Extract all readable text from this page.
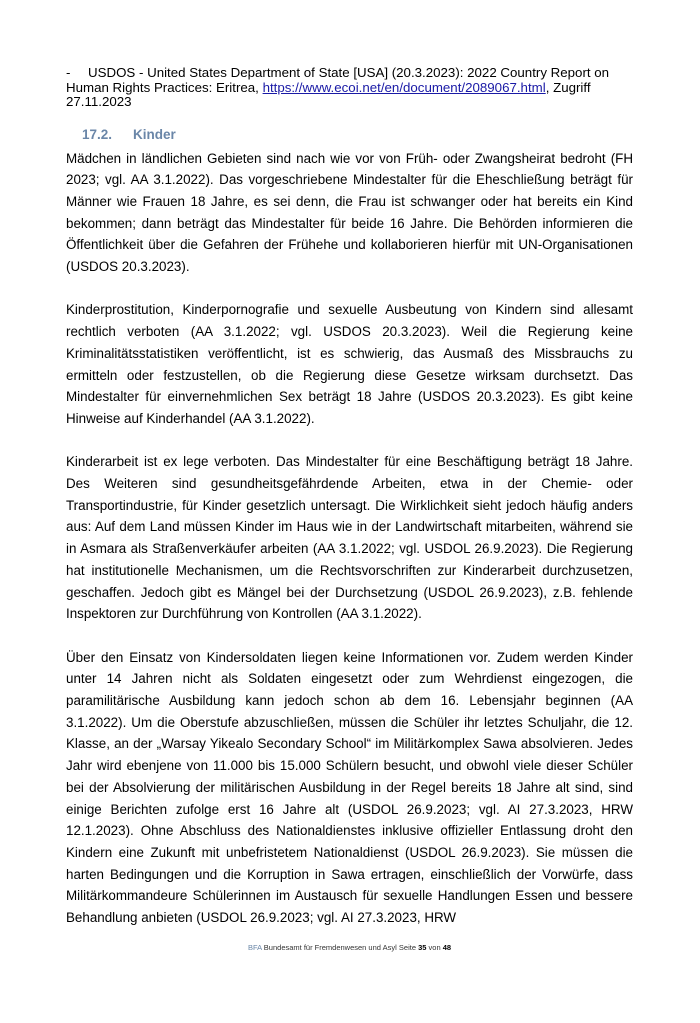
- USDOS - United States Department of State [USA] (20.3.2023): 2022 Country Report on Human Rights Practices: Eritrea, https://www.ecoi.net/en/document/2089067.html, Zugriff 27.11.2023
17.2. Kinder

Mädchen in ländlichen Gebieten sind nach wie vor von Früh- oder Zwangsheirat bedroht (FH 2023; vgl. AA 3.1.2022). Das vorgeschriebene Mindestalter für die Eheschließung beträgt für Männer wie Frauen 18 Jahre, es sei denn, die Frau ist schwanger oder hat bereits ein Kind bekommen; dann beträgt das Mindestalter für beide 16 Jahre. Die Behörden informieren die Öffentlichkeit über die Gefahren der Frühehe und kollaborieren hierfür mit UN-Organisationen (USDOS 20.3.2023).

Kinderprostitution, Kinderpornografie und sexuelle Ausbeutung von Kindern sind allesamt rechtlich verboten (AA 3.1.2022; vgl. USDOS 20.3.2023). Weil die Regierung keine Kriminalitätsstatistiken veröffentlicht, ist es schwierig, das Ausmaß des Missbrauchs zu ermitteln oder festzustellen, ob die Regierung diese Gesetze wirksam durchsetzt. Das Mindestalter für einvernehmlichen Sex beträgt 18 Jahre (USDOS 20.3.2023). Es gibt keine Hinweise auf Kinderhandel (AA 3.1.2022).

Kinderarbeit ist ex lege verboten. Das Mindestalter für eine Beschäftigung beträgt 18 Jahre. Des Weiteren sind gesundheitsgefährdende Arbeiten, etwa in der Chemie- oder Transportindustrie, für Kinder gesetzlich untersagt. Die Wirklichkeit sieht jedoch häufig anders aus: Auf dem Land müssen Kinder im Haus wie in der Landwirtschaft mitarbeiten, während sie in Asmara als Straßenverkäufer arbeiten (AA 3.1.2022; vgl. USDOL 26.9.2023). Die Regierung hat institutionelle Mechanismen, um die Rechtsvorschriften zur Kinderarbeit durchzusetzen, geschaffen. Jedoch gibt es Mängel bei der Durchsetzung (USDOL 26.9.2023), z.B. fehlende Inspektoren zur Durchführung von Kontrollen (AA 3.1.2022).

Über den Einsatz von Kindersoldaten liegen keine Informationen vor. Zudem werden Kinder unter 14 Jahren nicht als Soldaten eingesetzt oder zum Wehrdienst eingezogen, die paramilitärische Ausbildung kann jedoch schon ab dem 16. Lebensjahr beginnen (AA 3.1.2022). Um die Oberstufe abzuschließen, müssen die Schüler ihr letztes Schuljahr, die 12. Klasse, an der „Warsay Yikealo Secondary School“ im Militärkomplex Sawa absolvieren. Jedes Jahr wird ebenjene von 11.000 bis 15.000 Schülern besucht, und obwohl viele dieser Schüler bei der Absolvierung der militärischen Ausbildung in der Regel bereits 18 Jahre alt sind, sind einige Berichten zufolge erst 16 Jahre alt (USDOL 26.9.2023; vgl. AI 27.3.2023, HRW 12.1.2023). Ohne Abschluss des Nationaldienstes inklusive offizieller Entlassung droht den Kindern eine Zukunft mit unbefristetem Nationaldienst (USDOL 26.9.2023). Sie müssen die harten Bedingungen und die Korruption in Sawa ertragen, einschließlich der Vorwürfe, dass Militärkommandeure Schülerinnen im Austausch für sexuelle Handlungen Essen und bessere Behandlung anbieten (USDOL 26.9.2023; vgl. AI 27.3.2023, HRW

BFA Bundesamt für Fremdenwesen und Asyl Seite 35 von 48
